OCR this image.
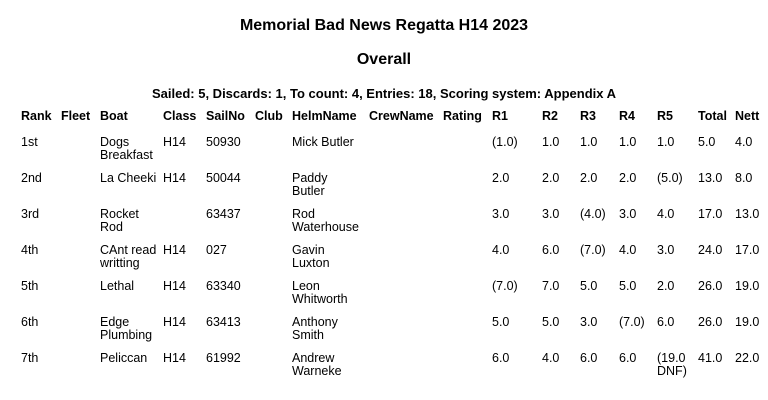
Memorial Bad News Regatta H14 2023
Overall
Sailed: 5, Discards: 1, To count: 4, Entries: 18, Scoring system: Appendix A
Rank	Fleet	Boat	Class	SailNo	Club	HelmName	CrewName	Rating	R1	R2	R3	R4	R5	Total	Nett
1st		Dogs Breakfast	H14	50930		Mick Butler			(1.0)	1.0	1.0	1.0	1.0	5.0	4.0
2nd		La Cheeki	H14	50044		Paddy Butler			2.0	2.0	2.0	2.0	(5.0)	13.0	8.0
3rd		Rocket Rod		63437		Rod Waterhouse			3.0	3.0	(4.0)	3.0	4.0	17.0	13.0
4th		CAnt read writting	H14	027		Gavin Luxton			4.0	6.0	(7.0)	4.0	3.0	24.0	17.0
5th		Lethal	H14	63340		Leon Whitworth			(7.0)	7.0	5.0	5.0	2.0	26.0	19.0
6th		Edge Plumbing	H14	63413		Anthony Smith			5.0	5.0	3.0	(7.0)	6.0	26.0	19.0
7th		Peliccan	H14	61992		Andrew Warneke			6.0	4.0	6.0	6.0	(19.0 DNF)	41.0	22.0
